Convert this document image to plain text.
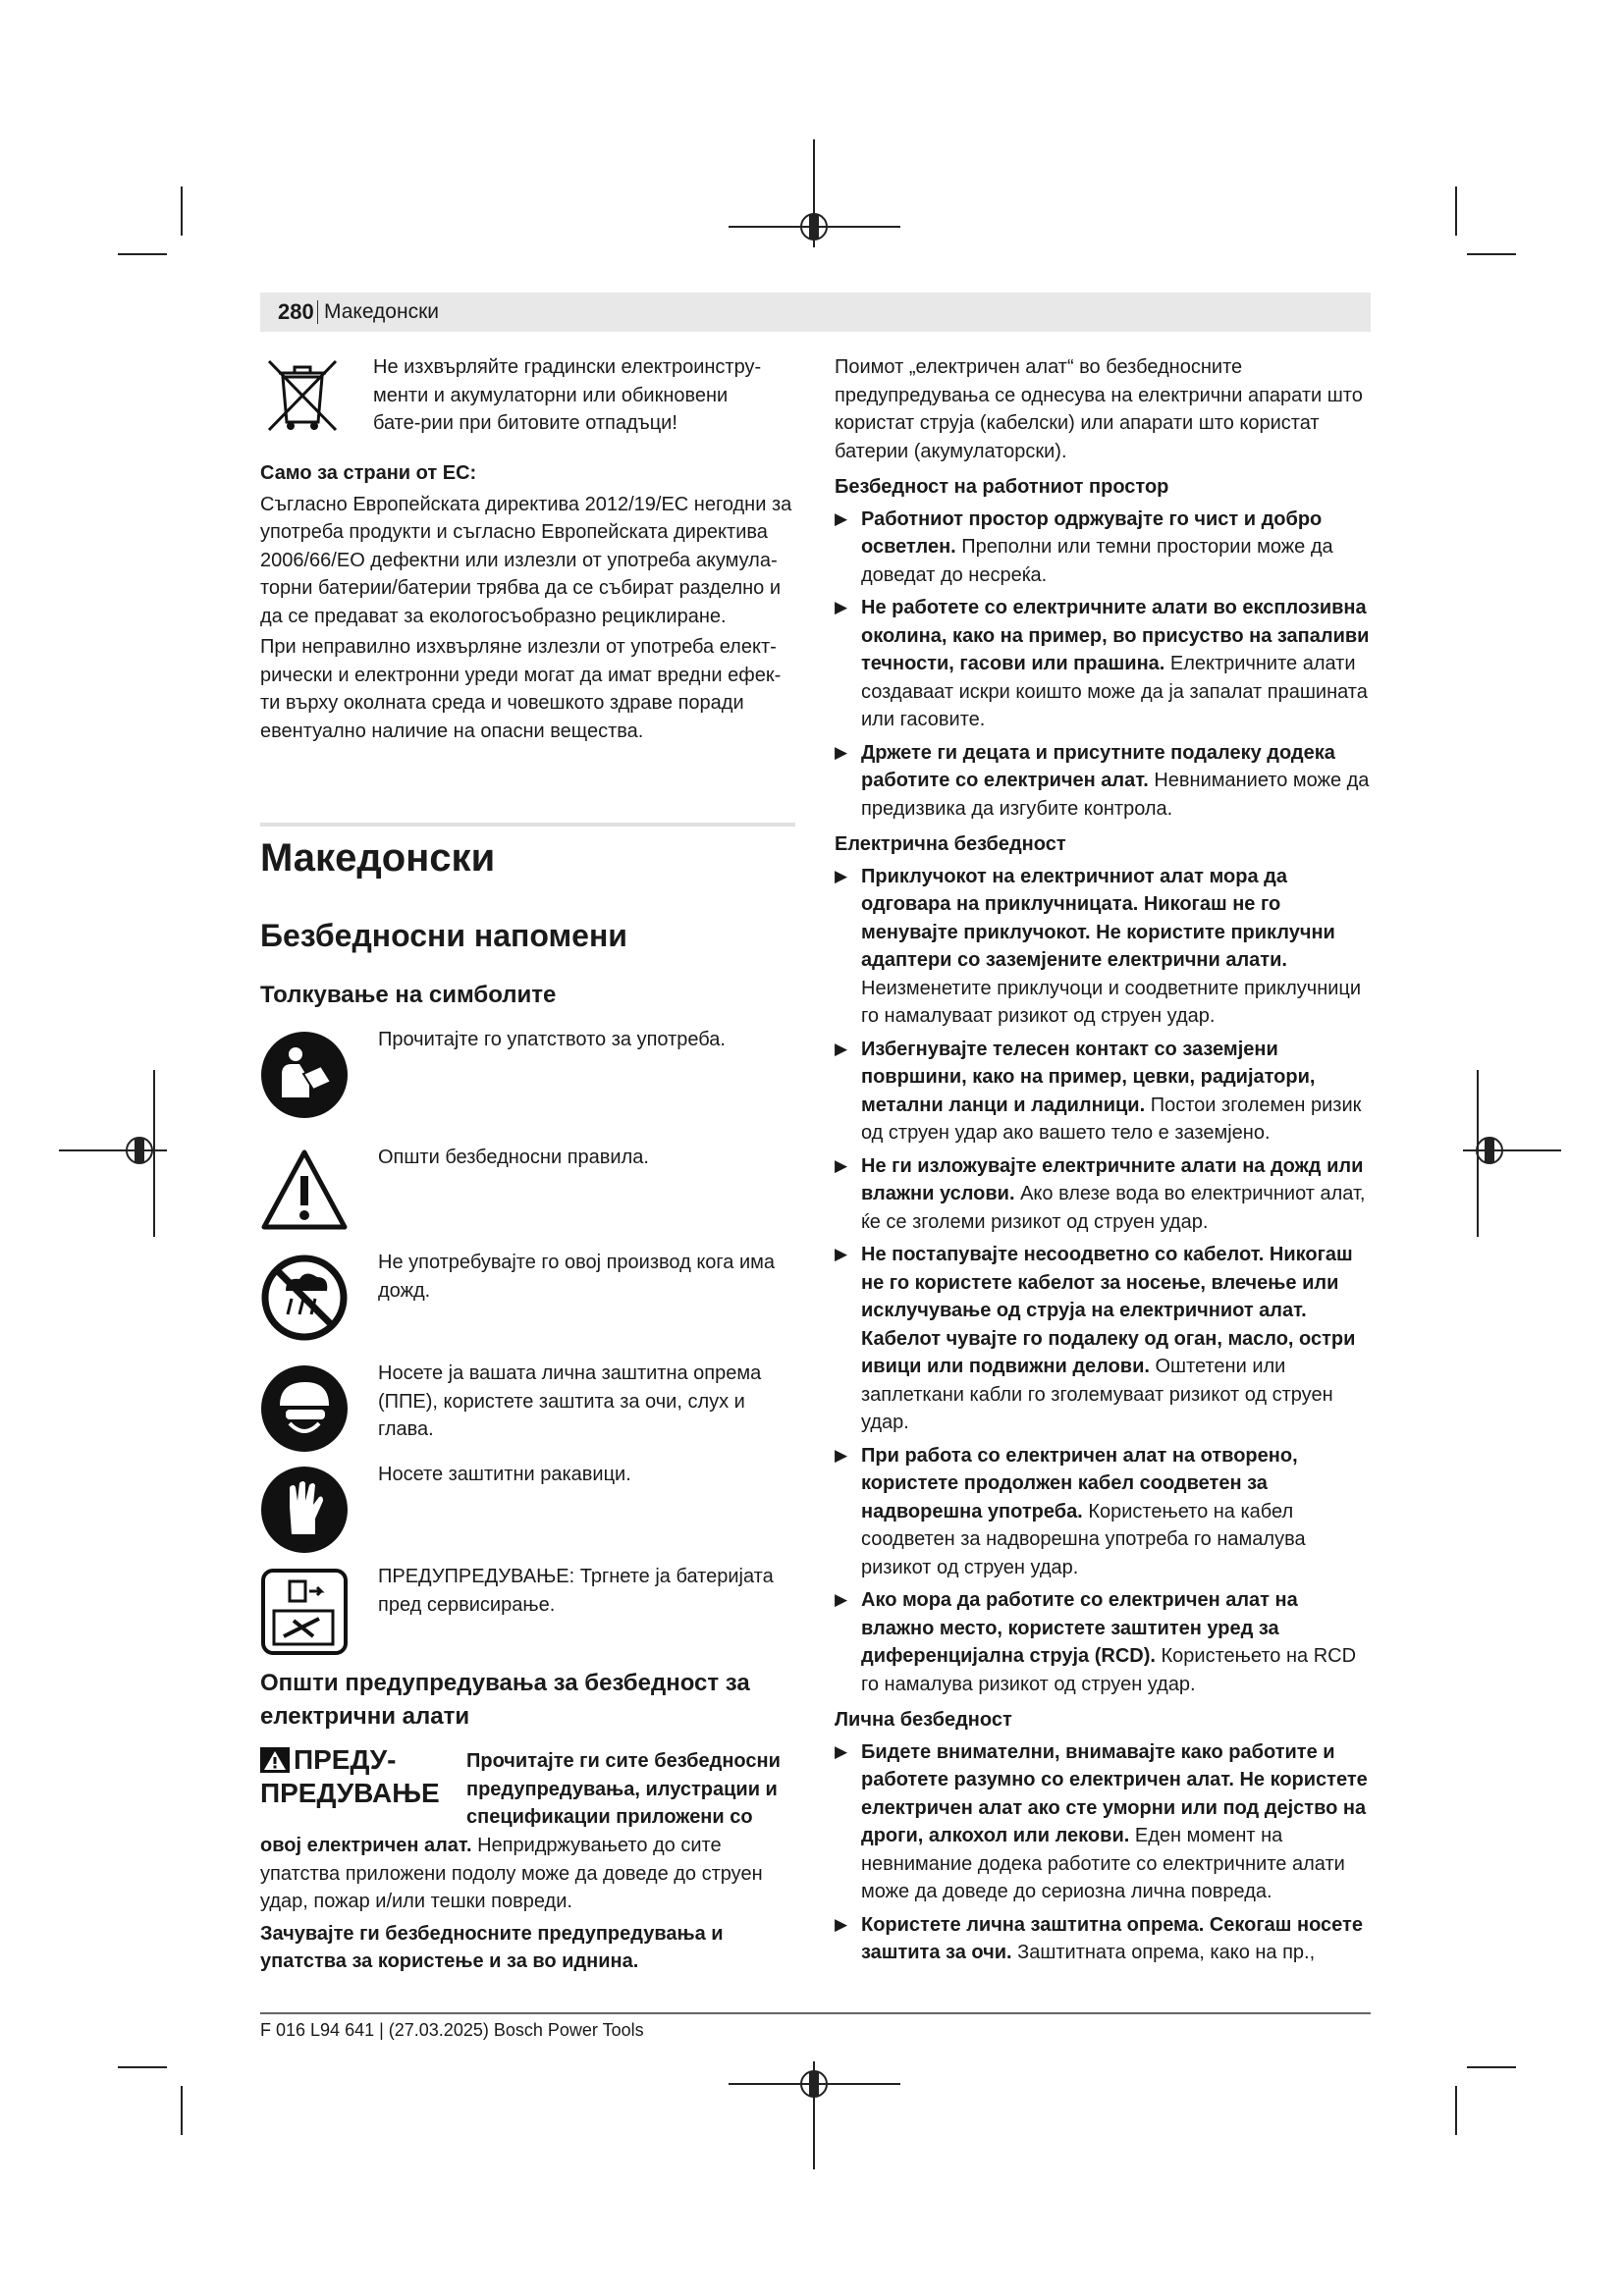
280 Македонски
Не изхвърляйте градински електроинстру-менти и акумулаторни или обикновени бате-рии при битовите отпадъци!

Само за страни от ЕС:

Съгласно Европейската директива 2012/19/ЕС негодни за употреба продукти и съгласно Европейската директива 2006/66/ЕО дефектни или излезли от употреба акумула-торни батерии/батерии трябва да се събират разделно и да се предават за екологосъобразно рециклиране.

При неправилно изхвърляне излезли от употреба елект-рически и електронни уреди могат да имат вредни ефек-ти върху околната среда и човешкото здраве поради евентуално наличие на опасни вещества.

Македонски
Безбедносни напомени
Толкување на симболите
Прочитајте го упатството за употреба.
Општи безбедносни правила.
Не употребувајте го овој производ кога има дожд.
Носете ја вашата лична заштитна опрема (ППЕ), користете заштита за очи, слух и глава.
Носете заштитни ракавици.
ПРЕДУПРЕДУВАЊЕ: Тргнете ја батеријата пред сервисирање.
Општи предупредувања за безбедност за електрични алати
ПРЕДУ-
ПРЕДУВАЊЕ
Прочитајте ги сите безбедносни
предупредувања, илустрации и
спецификации приложени со

овој електричен алат. Непридржувањето до сите упатства приложени подолу може да доведе до струен удар, пожар и/или тешки повреди.

Зачувајте ги безбедносните предупредувања и упатства за користење и за во иднина.

Поимот „електричен алат“ во безбедносните предупредувања се однесува на електрични апарати што користат струја (кабелски) или апарати што користат батерии (акумулаторски).

Безбедност на работниот простор

▶ Работниот простор одржувајте го чист и добро осветлен. Преполни или темни простории може да доведат до несреќа.
▶ Не работете со електричните алати во експлозивна околина, како на пример, во присуство на запаливи течности, гасови или прашина. Електричните алати создаваат искри коишто може да ја запалат прашината или гасовите.
▶ Држете ги децата и присутните подалеку додека работите со електричен алат. Невниманието може да предизвика да изгубите контрола.

Електрична безбедност

▶ Приклучокот на електричниот алат мора да одговара на приклучницата. Никогаш не го менувајте приклучокот. Не користите приклучни адаптери со заземјените електрични алати. Неизменетите приклучоци и соодветните приклучници го намалуваат ризикот од струен удар.
▶ Избегнувајте телесен контакт со заземјени површини, како на пример, цевки, радијатори, метални ланци и ладилници. Постои зголемен ризик од струен удар ако вашето тело е заземјено.
▶ Не ги изложувајте електричните алати на дожд или влажни услови. Ако влезе вода во електричниот алат, ќе се зголеми ризикот од струен удар.
▶ Не постапувајте несоодветно со кабелот. Никогаш не го користете кабелот за носење, влечење или исклучување од струја на електричниот алат. Кабелот чувајте го подалеку од оган, масло, остри ивици или подвижни делови. Оштетени или заплеткани кабли го зголемуваат ризикот од струен удар.
▶ При работа со електричен алат на отворено, користете продолжен кабел соодветен за надворешна употреба. Користењето на кабел соодветен за надворешна употреба го намалува ризикот од струен удар.
▶ Ако мора да работите со електричен алат на влажно место, користете заштитен уред за диференцијална струја (RCD). Користењето на RCD го намалува ризикот од струен удар.

Лична безбедност

▶ Бидете внимателни, внимавајте како работите и работете разумно со електричен алат. Не користете електричен алат ако сте уморни или под дејство на дроги, алкохол или лекови. Еден момент на невнимание додека работите со електричните алати може да доведе до сериозна лична повреда.
▶ Користете лична заштитна опрема. Секогаш носете заштита за очи. Заштитната опрема, како на пр.,
F 016 L94 641 | (27.03.2025) Bosch Power Tools
